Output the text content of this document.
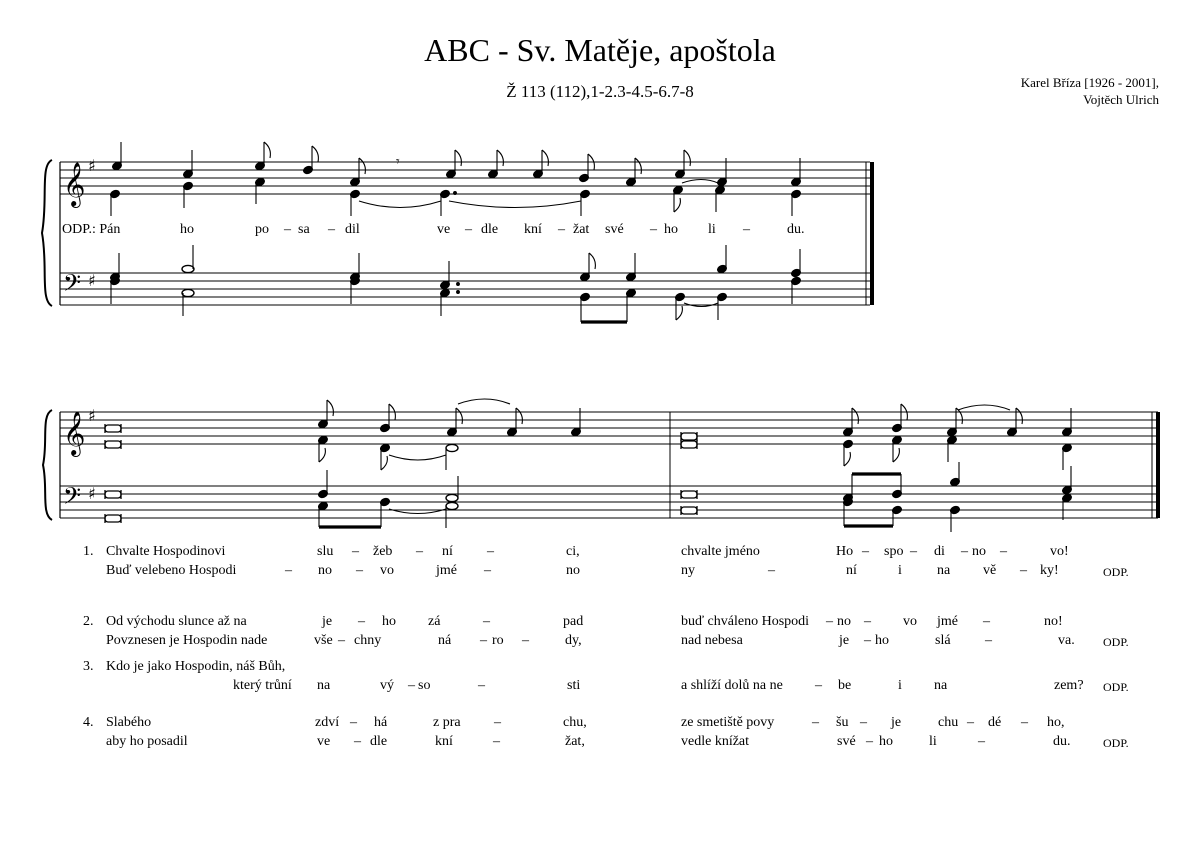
ABC - Sv. Matěje, apoštola
Ž 113 (112),1-2.3-4.5-6.7-8	Karel Bříza [1926 - 2001],
Vojtěch Ulrich
𝄞
𝄢
♯
♯
𝄾
𝄞
𝄢
♯
♯
ODP.: Pán	ho	po – sa – dil	ve – dle kní – žat své – ho li –	du.
1. Chvalte Hospodinovi	slu – žeb – ní –	ci,	chvalte jméno	Ho – spo – di – no –	vo!
Buď velebeno Hospodi	– no – vo	jmé –	no	ny	–	ní	i	na vě – ky!	ODP.
2. Od východu slunce až na	je – ho zá	–	pad	buď chváleno Hospodi – no – vo jmé –	no!
Povznesen je Hospodin nade	vše – chny	ná – ro –	dy,	nad nebesa	je – ho	slá –	va. ODP.
3. Kdo je jako Hospodin, náš Bůh,
který trůní na	vý – so	–	sti	a shlíží dolů na ne – be	i na	zem? ODP.
4. Slabého	zdví – há	z pra –	chu,	ze smetiště povy	– šu – je	chu – dé – ho,
aby ho posadil	ve – dle	kní	–	žat,	vedle knížat	své – ho	li	–	du.	ODP.
